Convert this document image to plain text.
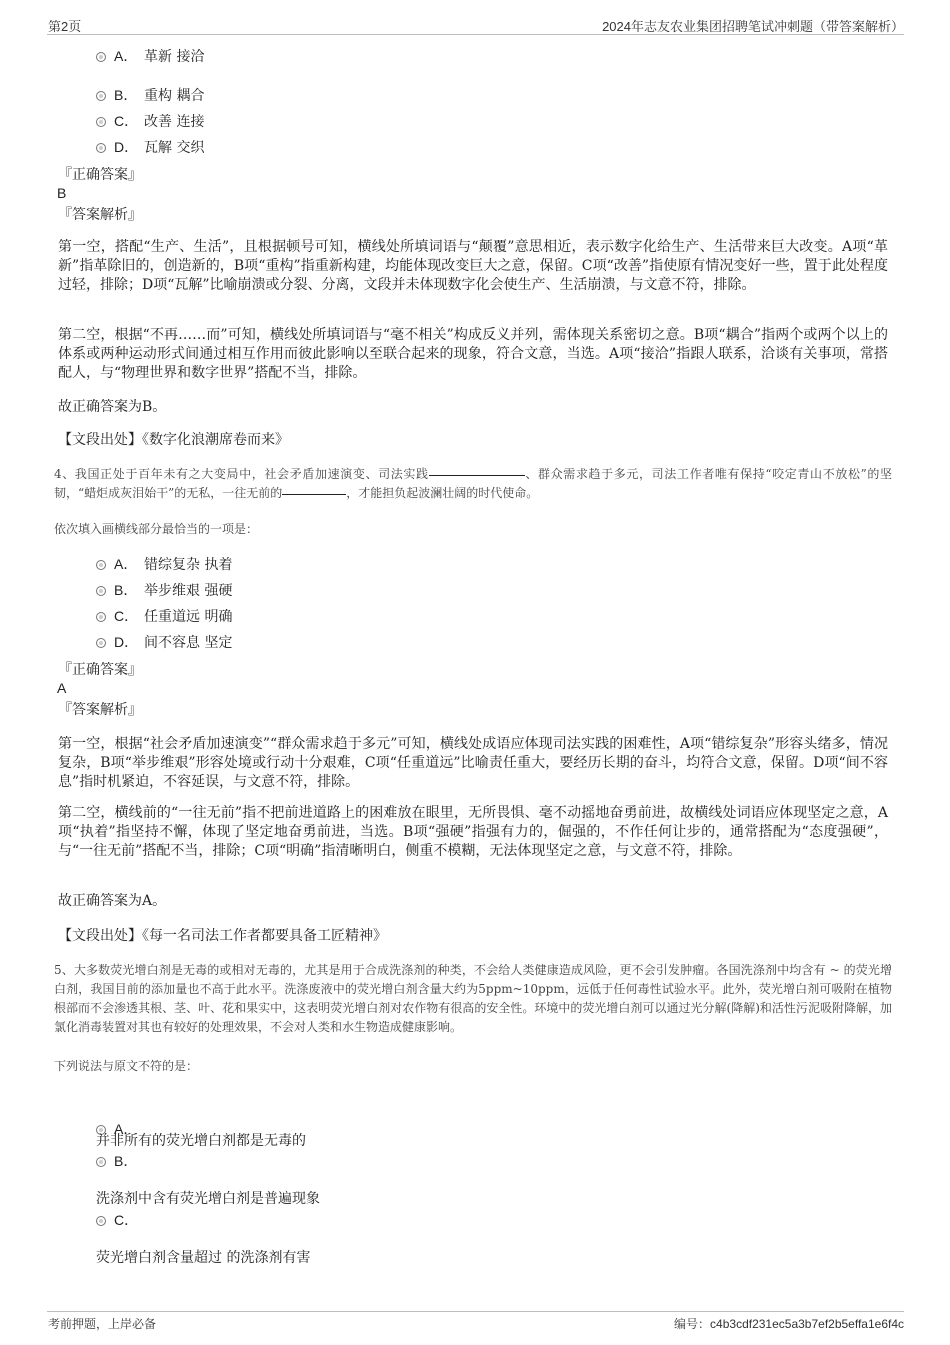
第2页	2024年志友农业集团招聘笔试冲刺题（带答案解析）
A． 革新 接洽
B． 重构 耦合
C． 改善 连接
D． 瓦解 交织
『正确答案』
B
『答案解析』
第一空，搭配“生产、生活”，且根据顿号可知，横线处所填词语与“颠覆”意思相近，表示数字化给生产、生活带来巨大改变。A项“革新”指革除旧的，创造新的，B项“重构”指重新构建，均能体现改变巨大之意，保留。C项“改善”指使原有情况变好一些，置于此处程度过轻，排除；D项“瓦解”比喻崩溃或分裂、分离，文段并未体现数字化会使生产、生活崩溃，与文意不符，排除。
第二空，根据“不再……而”可知，横线处所填词语与“毫不相关”构成反义并列，需体现关系密切之意。B项“耦合”指两个或两个以上的体系或两种运动形式间通过相互作用而彼此影响以至联合起来的现象，符合文意，当选。A项“接洽”指跟人联系，洽谈有关事项，常搭配人，与“物理世界和数字世界”搭配不当，排除。
故正确答案为B。
【文段出处】《数字化浪潮席卷而来》
4、我国正处于百年未有之大变局中，社会矛盾加速演变、司法实践	、群众需求趋于多元，司法工作者唯有保持“咬定青山不放松”的坚韧，“蜡炬成灰泪始干”的无私，一往无前的	，才能担负起波澜壮阔的时代使命。
依次填入画横线部分最恰当的一项是：
A． 错综复杂 执着
B． 举步维艰 强硬
C． 任重道远 明确
D． 间不容息 坚定
『正确答案』
A
『答案解析』
第一空，根据“社会矛盾加速演变”“群众需求趋于多元”可知，横线处成语应体现司法实践的困难性，A项“错综复杂”形容头绪多，情况复杂，B项“举步维艰”形容处境或行动十分艰难，C项“任重道远”比喻责任重大，要经历长期的奋斗，均符合文意，保留。D项“间不容息”指时机紧迫，不容延误，与文意不符，排除。
第二空，横线前的“一往无前”指不把前进道路上的困难放在眼里，无所畏惧、毫不动摇地奋勇前进，故横线处词语应体现坚定之意，A项“执着”指坚持不懈，体现了坚定地奋勇前进，当选。B项“强硬”指强有力的，倔强的，不作任何让步的，通常搭配为“态度强硬”，与“一往无前”搭配不当，排除；C项“明确”指清晰明白，侧重不模糊，无法体现坚定之意，与文意不符，排除。
故正确答案为A。
【文段出处】《每一名司法工作者都要具备工匠精神》
5、大多数荧光增白剂是无毒的或相对无毒的，尤其是用于合成洗涤剂的种类，不会给人类健康造成风险，更不会引发肿瘤。各国洗涤剂中均含有 ~ 的荧光增白剂，我国目前的添加量也不高于此水平。洗涤废液中的荧光增白剂含量大约为5ppm~10ppm，远低于任何毒性试验水平。此外，荧光增白剂可吸附在植物根部而不会渗透其根、茎、叶、花和果实中，这表明荧光增白剂对农作物有很高的安全性。环境中的荧光增白剂可以通过光分解(降解)和活性污泥吸附降解，加氯化消毒装置对其也有较好的处理效果，不会对人类和水生物造成健康影响。
下列说法与原文不符的是：
A．
并非所有的荧光增白剂都是无毒的
B．
洗涤剂中含有荧光增白剂是普遍现象
C．
荧光增白剂含量超过 的洗涤剂有害
考前押题，上岸必备	编号：c4b3cdf231ec5a3b7ef2b5effa1e6f4c
